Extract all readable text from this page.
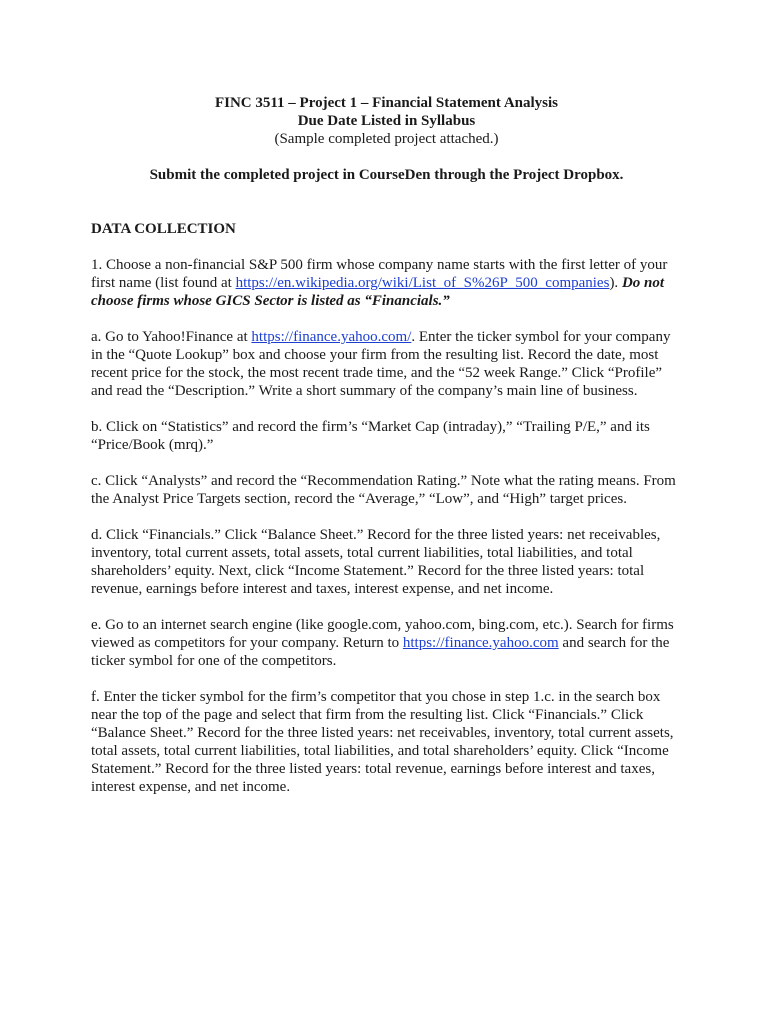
FINC 3511 – Project 1 – Financial Statement Analysis
Due Date Listed in Syllabus
(Sample completed project attached.)
Submit the completed project in CourseDen through the Project Dropbox.
DATA COLLECTION

1. Choose a non-financial S&P 500 firm whose company name starts with the first letter of your first name (list found at https://en.wikipedia.org/wiki/List_of_S%26P_500_companies). Do not choose firms whose GICS Sector is listed as “Financials.”

a. Go to Yahoo!Finance at https://finance.yahoo.com/. Enter the ticker symbol for your company in the “Quote Lookup” box and choose your firm from the resulting list. Record the date, most recent price for the stock, the most recent trade time, and the “52 week Range.” Click “Profile” and read the “Description.” Write a short summary of the company’s main line of business.

b. Click on “Statistics” and record the firm’s “Market Cap (intraday),” “Trailing P/E,” and its “Price/Book (mrq).”

c. Click “Analysts” and record the “Recommendation Rating.” Note what the rating means. From the Analyst Price Targets section, record the “Average,” “Low”, and “High” target prices.

d. Click “Financials.” Click “Balance Sheet.” Record for the three listed years: net receivables, inventory, total current assets, total assets, total current liabilities, total liabilities, and total shareholders’ equity. Next, click “Income Statement.” Record for the three listed years: total revenue, earnings before interest and taxes, interest expense, and net income.

e. Go to an internet search engine (like google.com, yahoo.com, bing.com, etc.). Search for firms viewed as competitors for your company. Return to https://finance.yahoo.com and search for the ticker symbol for one of the competitors.

f. Enter the ticker symbol for the firm’s competitor that you chose in step 1.c. in the search box near the top of the page and select that firm from the resulting list. Click “Financials.” Click “Balance Sheet.” Record for the three listed years: net receivables, inventory, total current assets, total assets, total current liabilities, total liabilities, and total shareholders’ equity. Click “Income Statement.” Record for the three listed years: total revenue, earnings before interest and taxes, interest expense, and net income.
